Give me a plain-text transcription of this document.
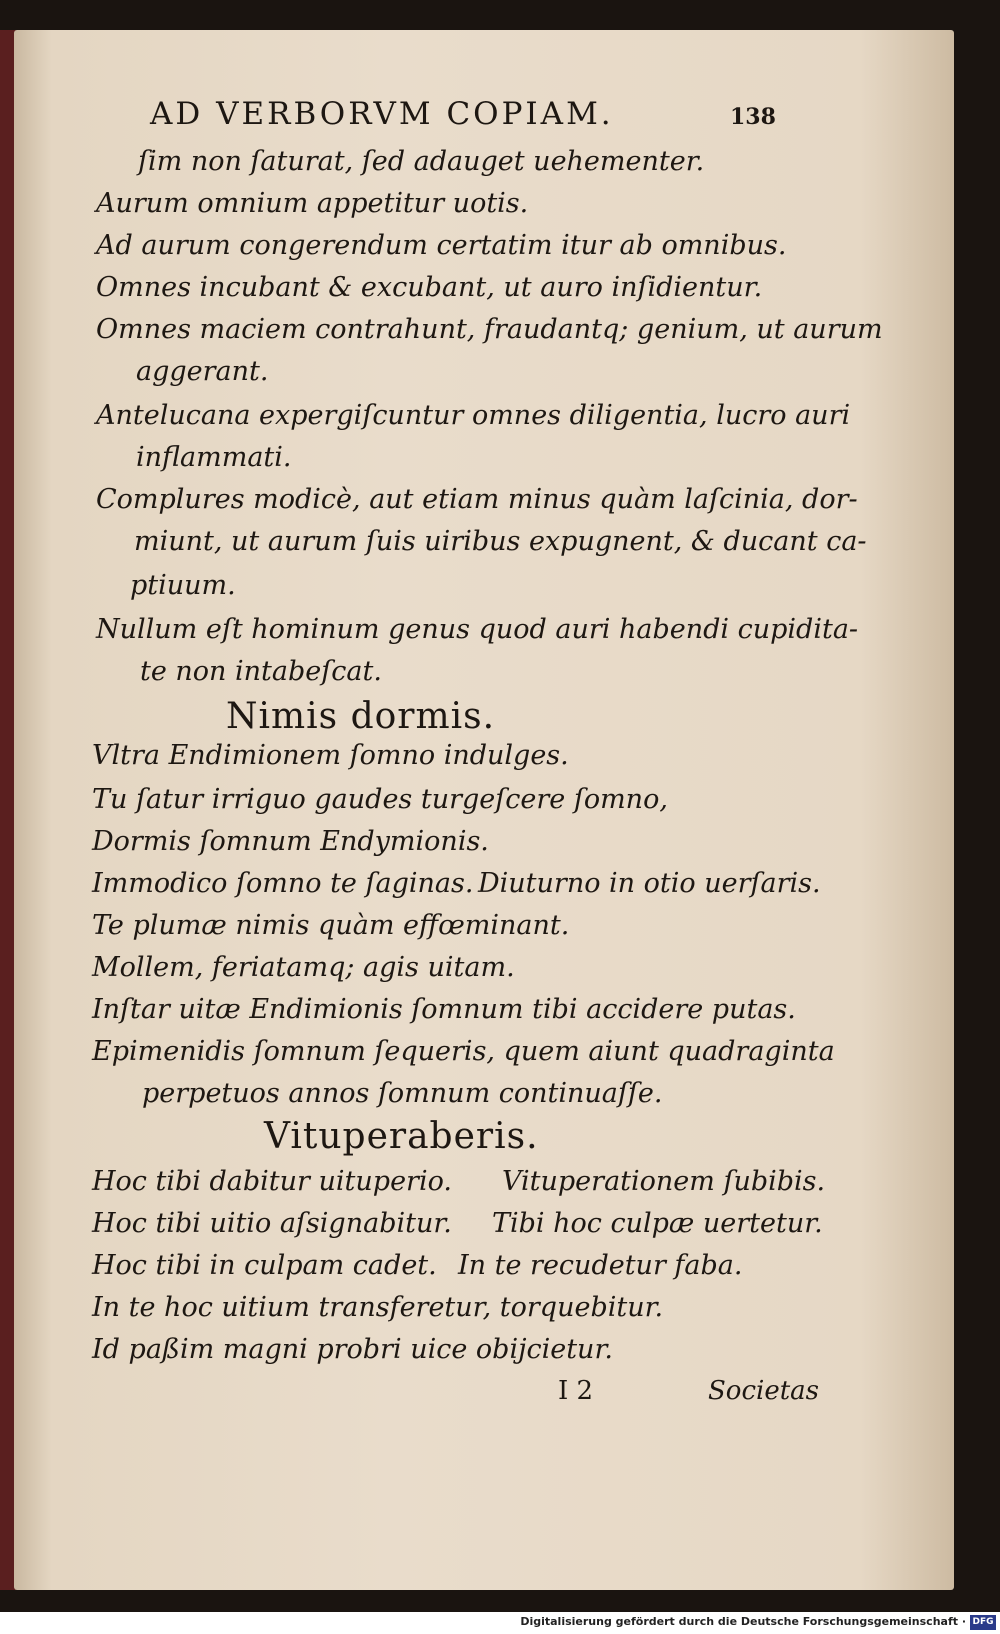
AD VERBORVM COPIAM.	138
ſim non ſaturat, ſed adauget uehementer.
Aurum omnium appetitur uotis.
Ad aurum congerendum certatim itur ab omnibus.
Omnes incubant & excubant, ut auro inſidientur.
Omnes maciem contrahunt, fraudantq; genium, ut aurum
aggerant.
Antelucana expergiſcuntur omnes diligentia, lucro auri
inflammati.
Complures modicè, aut etiam minus quàm laſcinia, dor-
miunt, ut aurum ſuis uiribus expugnent, & ducant ca-
ptiuum.
Nullum eſt hominum genus quod auri habendi cupidita-
te non intabeſcat.
Nimis dormis.
Vltra Endimionem ſomno indulges.
Tu ſatur irriguo gaudes turgeſcere ſomno,
Dormis ſomnum Endymionis.
Immodico ſomno te ſaginas. Diuturno in otio uerſaris.
Te plumæ nimis quàm effœminant.
Mollem, feriatamq; agis uitam.
Inſtar uitæ Endimionis ſomnum tibi accidere putas.
Epimenidis ſomnum ſequeris, quem aiunt quadraginta
perpetuos annos ſomnum continuaſſe.
Vituperaberis.
Hoc tibi dabitur uituperio. Vituperationem ſubibis.
Hoc tibi uitio aſsignabitur. Tibi hoc culpæ uertetur.
Hoc tibi in culpam cadet. In te recudetur faba.
In te hoc uitium transferetur, torquebitur.
Id paßim magni probri uice obijcietur.
I 2	Societas
Digitalisierung gefördert durch die Deutsche Forschungsgemeinschaft · DFG
